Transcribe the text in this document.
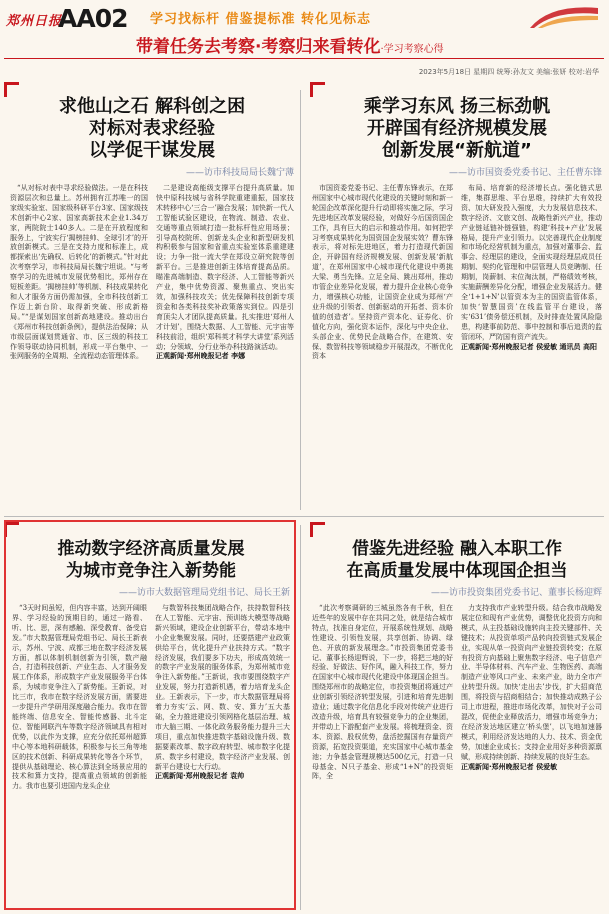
郑州日报
AA02 学习找标杆 借鉴提标准 转化见标志
带着任务去考察·考察归来看转化·学习考察心得
2023年5月18日 星期四 统筹:孙友文 美编:张妍 校对:岩华
求他山之石 解科创之困
对标对表求经验
以学促干谋发展
——访市科技局局长魏宁薄

“从对标对表中寻求经验做法。一是在科技资源层次和总量上。苏州拥有江苏唯一的国家级实验室、国家级科研平台3家、国家级技术创新中心2家、国家高新技术企业1.34万家，两院院士140多人。二是在开放程度和服务上，宁波实行‘揭榜挂帅、全球引才’的开放创新模式。三是在支持力度和标准上，成都探索出‘先确权、后转化’的新模式。”针对此次考察学习，市科技局局长魏宁坦说。“与考察学习的先进城市发展优势相比，郑州存在短板差距。‘揭榜挂帅’等机制、科技成果转化和人才服务方面仍需加强，全市科技创新工作迈上新台阶、取得新突破、形成新格局。”“是谋划国家创新高地建设。推动出台《郑州市科技创新条例》，提供法治保障；从市级层面谋划贯通省、市、区三级的科技工作领导联动协同机制，形成一平台集中、一张网服务的全周期、全流程动态管理体系。

二是建设高能级支撑平台提升高质量。加快中原科技城与省科学院重建重振，国家技术转移中心‘三合一’融合发展；加快新一代人工智能试验区建设，在物流、制造、农业、交通等重点领域打造一批标杆性应用场景；引导高校院所、创新龙头企业和新型研发机构积极参与国家和省重点实验室体系重建建设；力争一批一流大学在郑设立研究院等创新平台。三是推进创新主体培育提高品质。瞄准高端制造、数字经济、人工智能等新兴产业，集中优势资源、聚焦重点、突出实效，加强科技攻关；优先保障科技创新专项资金和各类科技奖补政策落实到位。四是引育顶尖人才团队提高质量。扎实推进‘郑州人才计划’，围绕大数据、人工智能、元宇宙等科技前沿，组织‘郑科英才科学大讲堂’系列活动；分领域、分行业举办科技路演活动。

正观新闻·郑州晚报记者 李娜
乘学习东风 扬三标劲帆
开辟国有经济规模发展
创新发展“新航道”
——访市国资委党委书记、主任曹东锋

市国资委党委书记、主任曹东锋表示，在郑州国家中心城市现代化建设的关键时刻和新一轮国企改革深化提升行动即将实施之际，学习先进地区改革发展经验，对做好今后国资国企工作，具有巨大的启示和推动作用。如何把学习考察成果转化为国资国企发展实效？曹东锋表示，将对标先进地区，着力打造现代新国企，开辟国有经济规模发展、创新发展‘新航道’，在郑州国家中心城市现代化建设中勇挑大梁、勇当先锋。立足全局、跳出郑州，推动市管企业差异化发展，着力提升企业核心竞争力，增强核心功能，让国资企业成为郑州‘产业升级的引领者、创新驱动的开拓者、资本价值的创造者’。坚持资产资本化、证券化、价值化方向，强化资本运作，深化与中央企业、头部企业、优势民企战略合作，在建筑、安保、数智科技等领域稳步开展混改，不断优化资本

布局、培育新的经济增长点。强化链式思维，集群思维、平台思维，持续扩大有效投资、加大研发投入强度，大力发展信息技术、数字经济、文旅文创、战略性新兴产业，推动产业链延链补链强链，构建‘科技+产业’发展格局，提升产业引领力。以完善现代企业制度和市场化经营机制为重点，加强对董事会、监事会、经理层的建设，全面实现经理层成员任期制、契约化管理和中层管理人员竞聘制、任期制，岗薪制、末位淘汰制，严格绩效考核，实施薪酬差异化分配，增强企业发展活力。健全‘1+1+N’以管资本为主的国资监管体系，加快‘智慧国资’在线监管平台建设，落实‘631’债务偿还机制，及时排查处置风险隐患，构建事前防范、事中控制和事后追责的监管闭环，严防国有资产流失。

正观新闻·郑州晚报记者 侯爱敏 通讯员 高阳
推动数字经济高质量发展
为城市竞争注入新势能
——访市大数据管理局党组书记、局长王新

“3天时间虽短，但内容丰富，达到开阔眼界、学习经验的预期目的，通过一路看、听、比、思，深有感触、深受教育、备受启发。”市大数据管理局党组书记、局长王新表示，苏州、宁波、成都三地在数字经济发展方面，都以体制机制创新为引领，数产融合，打造科技创新、产业生态、人才服务发展工作体系，形成数字产业发展服务平台体系，为城市竞争注入了新势能。王新说，对比三市，我市在数字经济发展方面，需要进一步提升产学研用深度融合能力。我市在智能终端、信息安全、智能传感器、北斗定位、智能网联汽车等数字经济领域具有相对优势，以此作为支撑，应充分依托郑州超算中心等本地科研载体，积极参与长三角等地区的技术创新、科研成果转化等各个环节，提供从基础理论、核心算法到全场景应用的技术和算力支持，提高重点领域的创新能力。我市也要引进国内龙头企业

与数智科技集团战略合作，扶持数智科技在人工智能、元宇宙、预训练大模型等战略新兴领域，建设企业创新平台，带动本地中小企业集聚发展。同时，还要搭建产业政策供给平台，优化提升产业扶持方式。“数字经济发展，我们要多下功夫，形成高效统一的数字产业发展的服务体系，为郑州城市竞争注入新势能。”王新说，我市要围绕数字产业发展，努力打造新机遇，着力培育龙头企业。王新表示，下一步，市大数据管理局将着力夯实‘云、网、数、安、算力’五大基础，全力推进建设引领网格化基层治理、城市大脑三期、一体化政务服务能力提升三大项目，重点加快推进数字基础设施升级、数据要素改革、数字政府转型、城市数字化提质、数字乡村建设，数字经济产业发展、创新平台建设七大行动。

正观新闻·郑州晚报记者 袁帅
借鉴先进经验 融入本职工作
在高质量发展中体现国企担当
——访市投资集团党委书记、董事长杨迎辉

“此次考察调研的三城虽然各有千秋，但在近些年的发展中存在共同之处，就是结合城市特点，找准自身定位，开展系统性规划、战略性建设、引领性发展，共享创新、协调、绿色、开放的新发展理念。”市投资集团党委书记、董事长杨迎辉说，下一步，将把三地的好经验、好做法、好作风，融入科技工作，努力在国家中心城市现代化建设中体现国企担当。围绕郑州市的战略定位，市投资集团将通过产业创新引领经济转型发展，引进和培育先进制造业；通过数字化信息化手段对传统产业进行改造升级，培育具有较强竞争力的企业集团，并带动上下游配套产业发展。将梳理资金、资本、资源、股权优势，盘活挖掘国有存量资产资源，拓宽投资渠道，充实国家中心城市基金池；力争基金管理规模达500亿元，打造一只母基金、N只子基金、形成“1+N”的投资矩阵，全

力支持我市产业转型升级。结合我市战略发展定位和现有产业优势，调整优化投资方向和模式，从主投基础设施转向主投关键部件、关键技术；从投资单项产品转向投资链式发展企业，实现从单一投资向产业链投资转变；在原有投资方向基础上聚焦数字经济、电子信息产业、半导体材料、汽车产业、生物医药、高端制造产业等风口产业、未来产业，助力全市产业转型升级。加快‘走出去’步伐，扩大招商范围，将投资与招商相结合；加快推动成熟子公司上市进程，推进市场化改革，加快对子公司混改，促使企业释放活力，增强市场竞争力；在经济发达地区建立‘桥头堡’，以飞地加速器模式，利用经济发达地的人力、技术、资金优势，加速企业成长；支持企业用好多种资源禀赋，形成持续创新、持续发展的良好生态。

正观新闻·郑州晚报记者 侯爱敏
